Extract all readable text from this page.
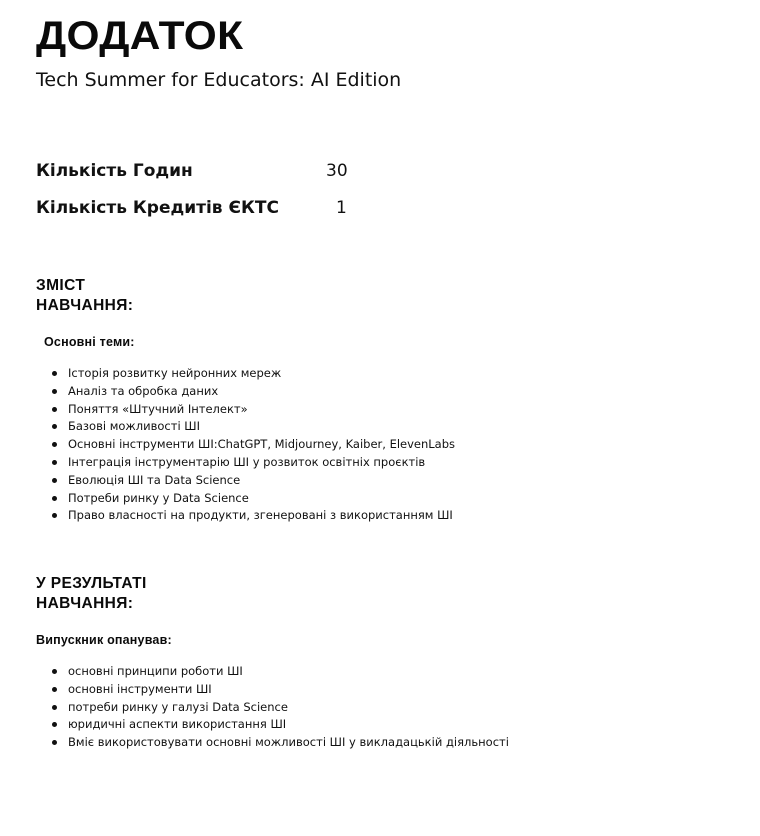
ДОДАТОК

Tech Summer for Educators: AI Edition

Кількість Годин	30
Кількість Кредитів ЄКТС	1
ЗМІСТ
НАВЧАННЯ:
Основні теми:
Історія розвитку нейронних мереж
Аналіз та обробка даних
Поняття «Штучний Інтелект»
Базові можливості ШІ
Основні інструменти ШІ:ChatGPT, Midjourney, Kaiber, ElevenLabs
Інтеграція інструментарію ШІ у розвиток освітніх проєктів
Еволюція ШІ та Data Science
Потреби ринку у Data Science
Право власності на продукти, згенеровані з використанням ШІ
У РЕЗУЛЬТАТІ
НАВЧАННЯ:
Випускник опанував:
основні принципи роботи ШІ
основні інструменти ШІ
потреби ринку у галузі Data Science
юридичні аспекти використання ШІ
Вміє використовувати основні можливості ШІ у викладацькій діяльності
